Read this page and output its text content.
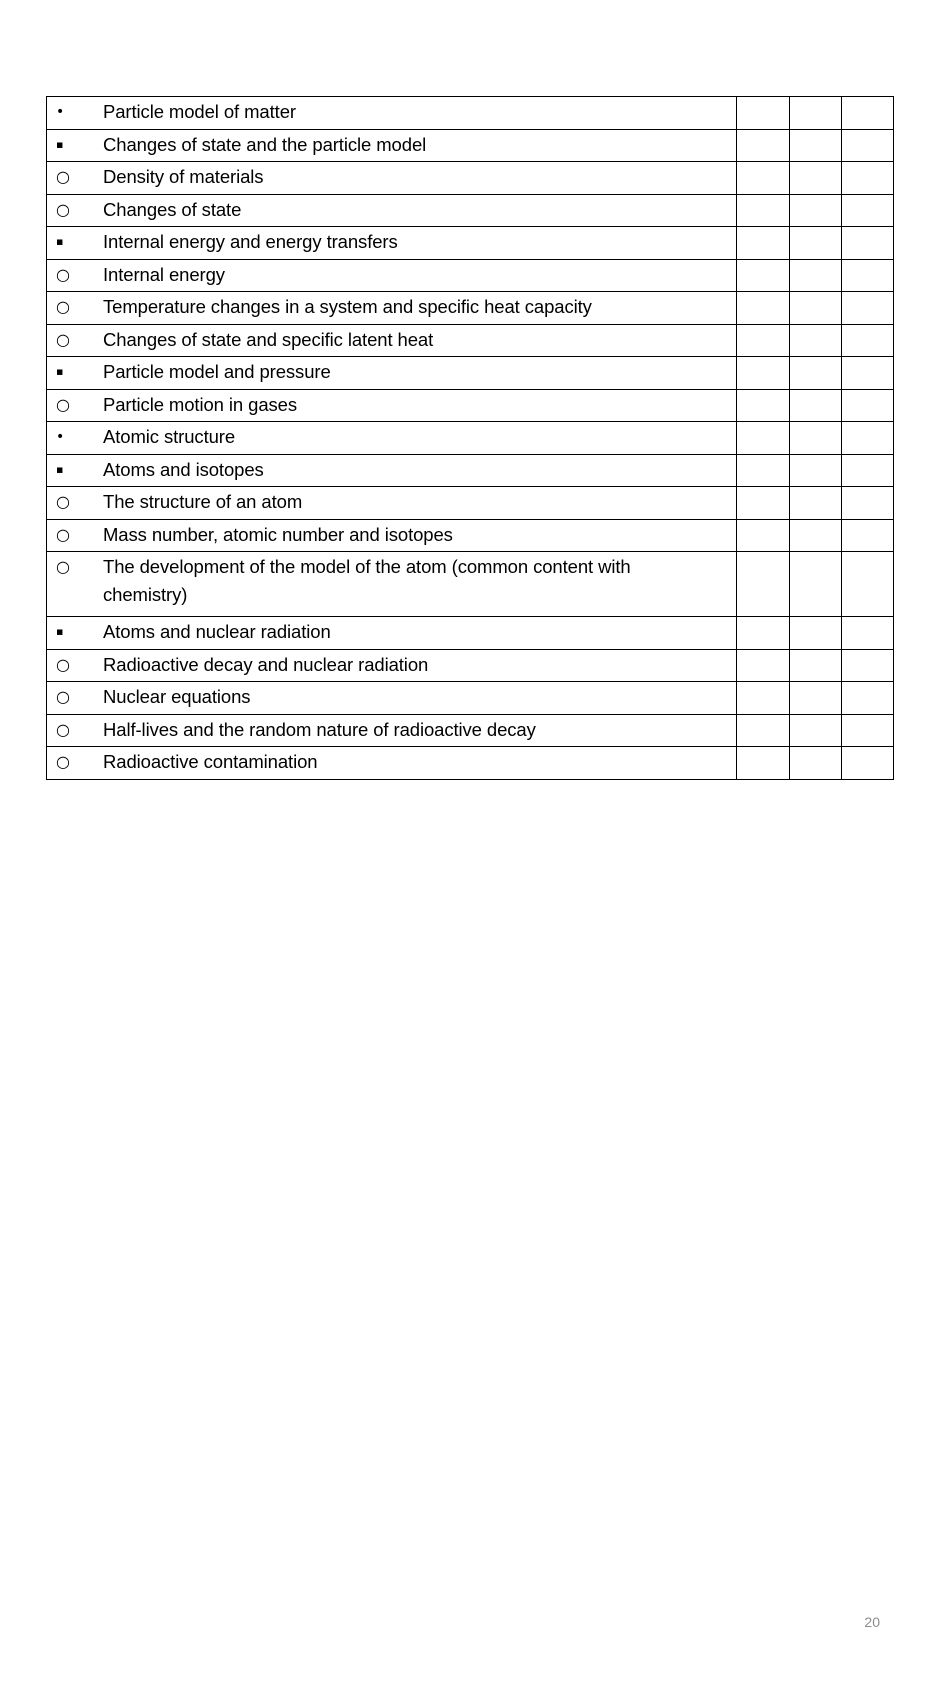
• Particle model of matter			

▪ Changes of state and the particle model			

○ Density of materials			

○ Changes of state			

▪ Internal energy and energy transfers			

○ Internal energy			

○ Temperature changes in a system and specific heat capacity			

○ Changes of state and specific latent heat			

▪ Particle model and pressure			

○ Particle motion in gases			

• Atomic structure			

▪ Atoms and isotopes			

○ The structure of an atom			

○ Mass number, atomic number and isotopes			

○ The development of the model of the atom (common content with chemistry)			

▪ Atoms and nuclear radiation			

○ Radioactive decay and nuclear radiation			

○ Nuclear equations			

○ Half-lives and the random nature of radioactive decay			

○ Radioactive contamination			

20
